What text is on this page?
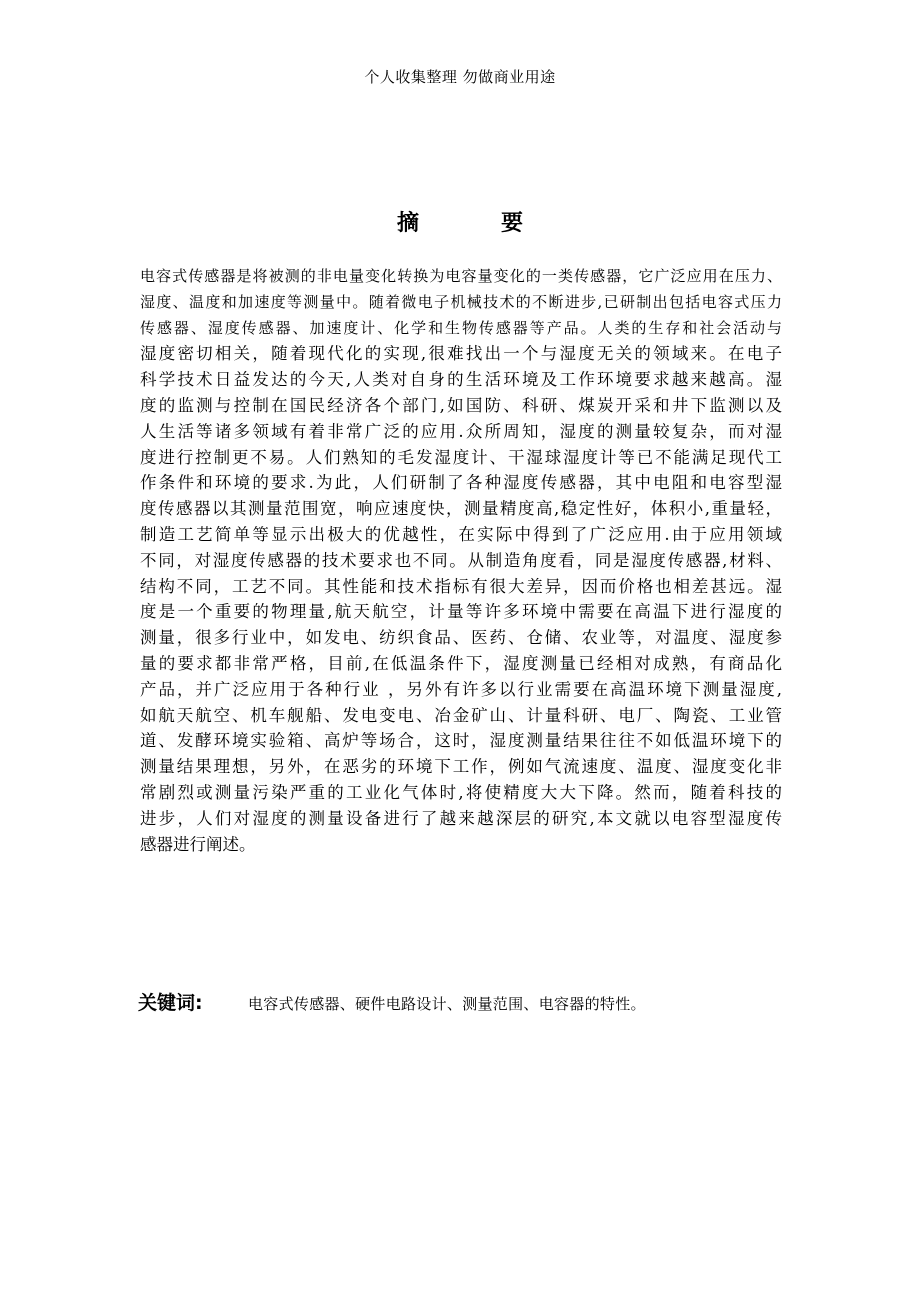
个人收集整理 勿做商业用途
摘	要
电容式传感器是将被测的非电量变化转换为电容量变化的一类传感器，它广泛应用在压力、
湿度、温度和加速度等测量中。随着微电子机械技术的不断进步,已研制出包括电容式压力
传感器、湿度传感器、加速度计、化学和生物传感器等产品。人类的生存和社会活动与
湿度密切相关，随着现代化的实现,很难找出一个与湿度无关的领域来。在电子
科学技术日益发达的今天,人类对自身的生活环境及工作环境要求越来越高。湿
度的监测与控制在国民经济各个部门,如国防、科研、煤炭开采和井下监测以及
人生活等诸多领域有着非常广泛的应用.众所周知，湿度的测量较复杂，而对湿
度进行控制更不易。人们熟知的毛发湿度计、干湿球湿度计等已不能满足现代工
作条件和环境的要求.为此，人们研制了各种湿度传感器，其中电阻和电容型湿
度传感器以其测量范围宽，响应速度快，测量精度高,稳定性好，体积小,重量轻，
制造工艺简单等显示出极大的优越性，在实际中得到了广泛应用.由于应用领域
不同，对湿度传感器的技术要求也不同。从制造角度看，同是湿度传感器,材料、
结构不同，工艺不同。其性能和技术指标有很大差异，因而价格也相差甚远。湿
度是一个重要的物理量,航天航空，计量等许多环境中需要在高温下进行湿度的
测量，很多行业中，如发电、纺织食品、医药、仓储、农业等，对温度、湿度参
量的要求都非常严格，目前,在低温条件下，湿度测量已经相对成熟，有商品化
产品，并广泛应用于各种行业 ，另外有许多以行业需要在高温环境下测量湿度,
如航天航空、机车舰船、发电变电、冶金矿山、计量科研、电厂、陶瓷、工业管
道、发酵环境实验箱、高炉等场合，这时，湿度测量结果往往不如低温环境下的
测量结果理想，另外，在恶劣的环境下工作，例如气流速度、温度、湿度变化非
常剧烈或测量污染严重的工业化气体时,将使精度大大下降。然而，随着科技的
进步，人们对湿度的测量设备进行了越来越深层的研究,本文就以电容型湿度传
感器进行阐述。
关键词:	电容式传感器、硬件电路设计、测量范围、电容器的特性。
